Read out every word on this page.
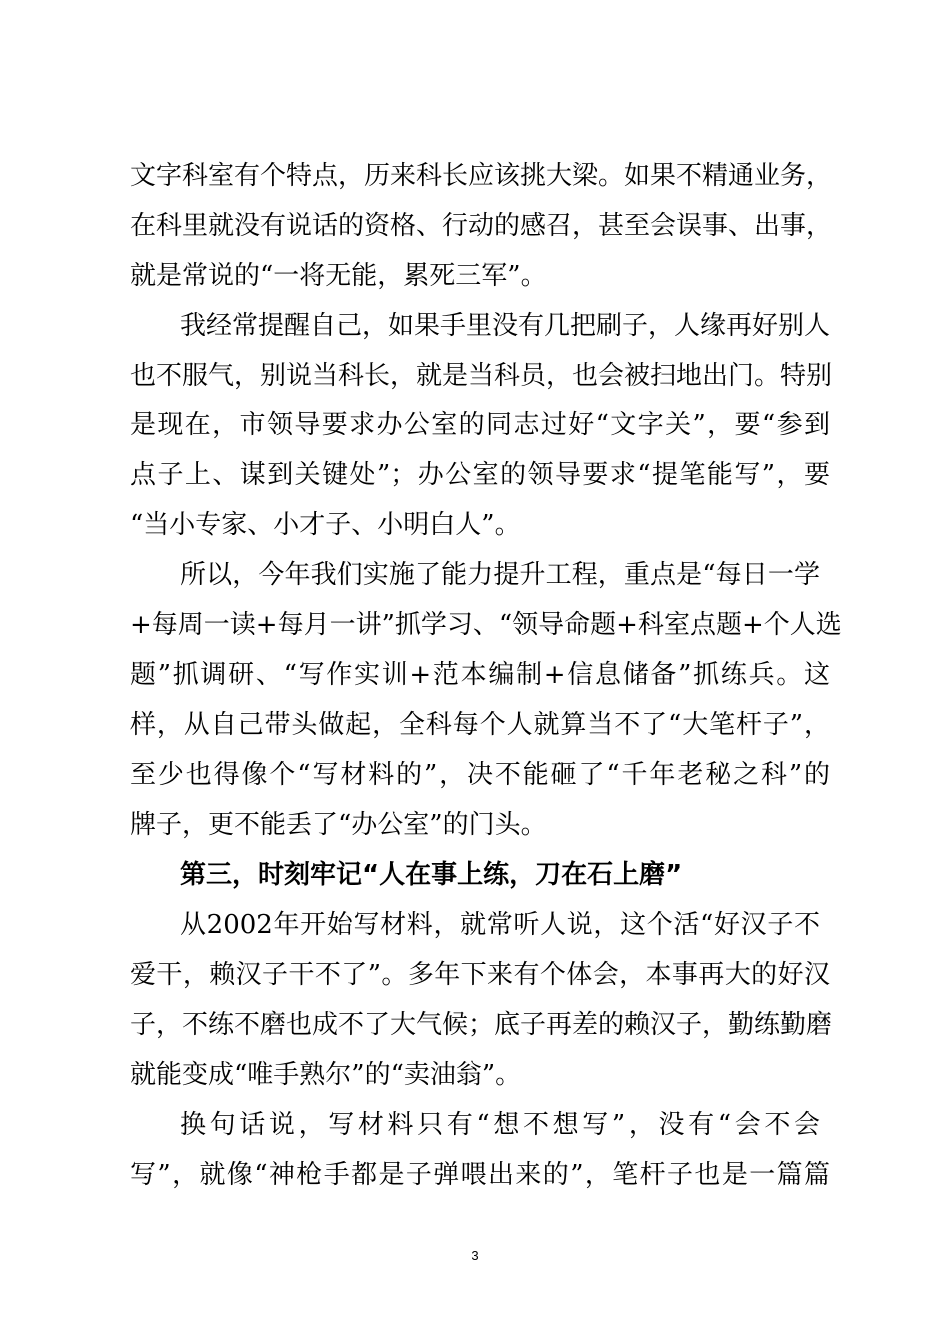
文字科室有个特点，历来科长应该挑大梁。如果不精通业务，
在科里就没有说话的资格、行动的感召，甚至会误事、出事，
就是常说的“一将无能，累死三军”。
我经常提醒自己，如果手里没有几把刷子，人缘再好别人
也不服气，别说当科长，就是当科员，也会被扫地出门。特别
是现在，市领导要求办公室的同志过好“文字关”，要“参到
点子上、谋到关键处”；办公室的领导要求“提笔能写”，要
“当小专家、小才子、小明白人”。
所以，今年我们实施了能力提升工程，重点是“每日一学
+每周一读+每月一讲”抓学习、“领导命题+科室点题+个人选
题”抓调研、“写作实训+范本编制+信息储备”抓练兵。这
样，从自己带头做起，全科每个人就算当不了“大笔杆子”，
至少也得像个“写材料的”，决不能砸了“千年老秘之科”的
牌子，更不能丢了“办公室”的门头。
第三，时刻牢记“人在事上练，刀在石上磨”
从2002年开始写材料，就常听人说，这个活“好汉子不
爱干，赖汉子干不了”。多年下来有个体会，本事再大的好汉
子，不练不磨也成不了大气候；底子再差的赖汉子，勤练勤磨
就能变成“唯手熟尔”的“卖油翁”。
换句话说，写材料只有“想不想写”，没有“会不会
写”，就像“神枪手都是子弹喂出来的”，笔杆子也是一篇篇
3
